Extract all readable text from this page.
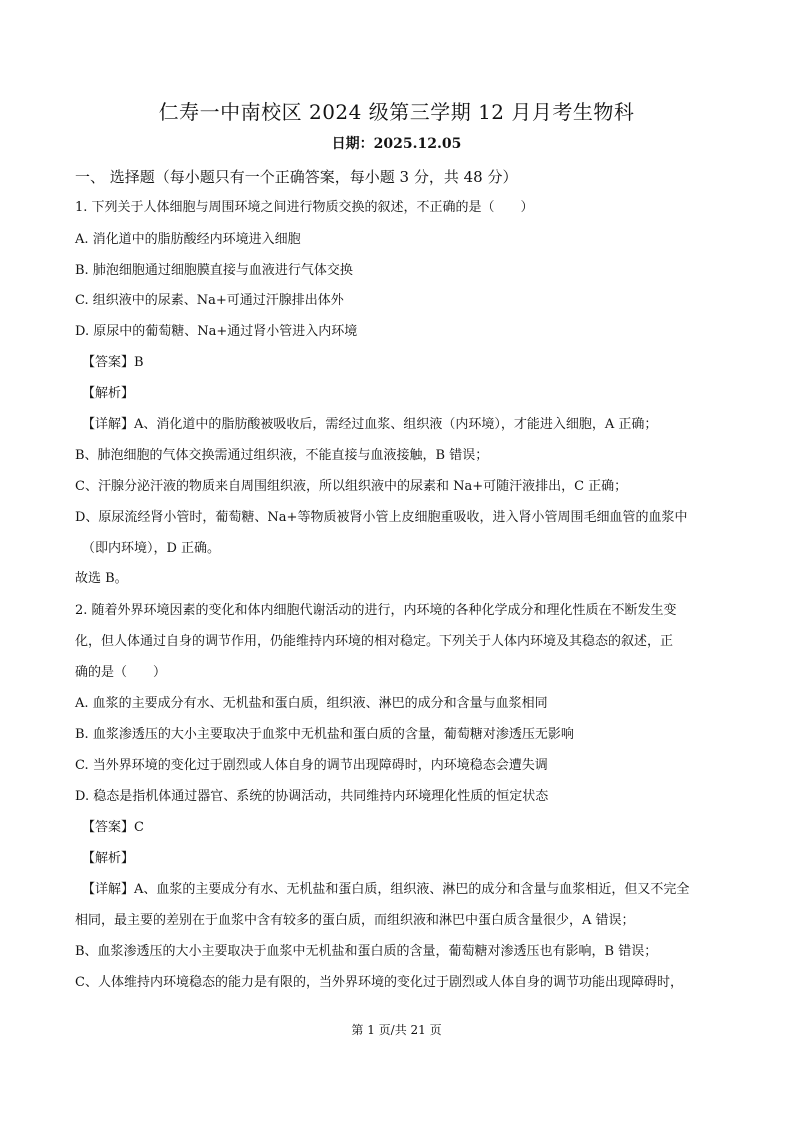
仁寿一中南校区 2024 级第三学期 12 月月考生物科
日期：2025.12.05
一、 选择题（每小题只有一个正确答案，每小题 3 分，共 48 分）
1. 下列关于人体细胞与周围环境之间进行物质交换的叙述，不正确的是（　　）
A. 消化道中的脂肪酸经内环境进入细胞
B. 肺泡细胞通过细胞膜直接与血液进行气体交换
C. 组织液中的尿素、Na+可通过汗腺排出体外
D. 原尿中的葡萄糖、Na+通过肾小管进入内环境
【答案】B
【解析】
【详解】A、消化道中的脂肪酸被吸收后，需经过血浆、组织液（内环境），才能进入细胞，A 正确；
B、肺泡细胞的气体交换需通过组织液，不能直接与血液接触，B 错误；
C、汗腺分泌汗液的物质来自周围组织液，所以组织液中的尿素和 Na+可随汗液排出，C 正确；
D、原尿流经肾小管时，葡萄糖、Na+等物质被肾小管上皮细胞重吸收，进入肾小管周围毛细血管的血浆中
（即内环境），D 正确。
故选 B。
2. 随着外界环境因素的变化和体内细胞代谢活动的进行，内环境的各种化学成分和理化性质在不断发生变
化，但人体通过自身的调节作用，仍能维持内环境的相对稳定。下列关于人体内环境及其稳态的叙述，正
确的是（　　）
A. 血浆的主要成分有水、无机盐和蛋白质，组织液、淋巴的成分和含量与血浆相同
B. 血浆渗透压的大小主要取决于血浆中无机盐和蛋白质的含量，葡萄糖对渗透压无影响
C. 当外界环境的变化过于剧烈或人体自身的调节出现障碍时，内环境稳态会遭失调
D. 稳态是指机体通过器官、系统的协调活动，共同维持内环境理化性质的恒定状态
【答案】C
【解析】
【详解】A、血浆的主要成分有水、无机盐和蛋白质，组织液、淋巴的成分和含量与血浆相近，但又不完全
相同，最主要的差别在于血浆中含有较多的蛋白质，而组织液和淋巴中蛋白质含量很少，A 错误；
B、血浆渗透压的大小主要取决于血浆中无机盐和蛋白质的含量，葡萄糖对渗透压也有影响，B 错误；
C、人体维持内环境稳态的能力是有限的，当外界环境的变化过于剧烈或人体自身的调节功能出现障碍时，
第 1 页/共 21 页
